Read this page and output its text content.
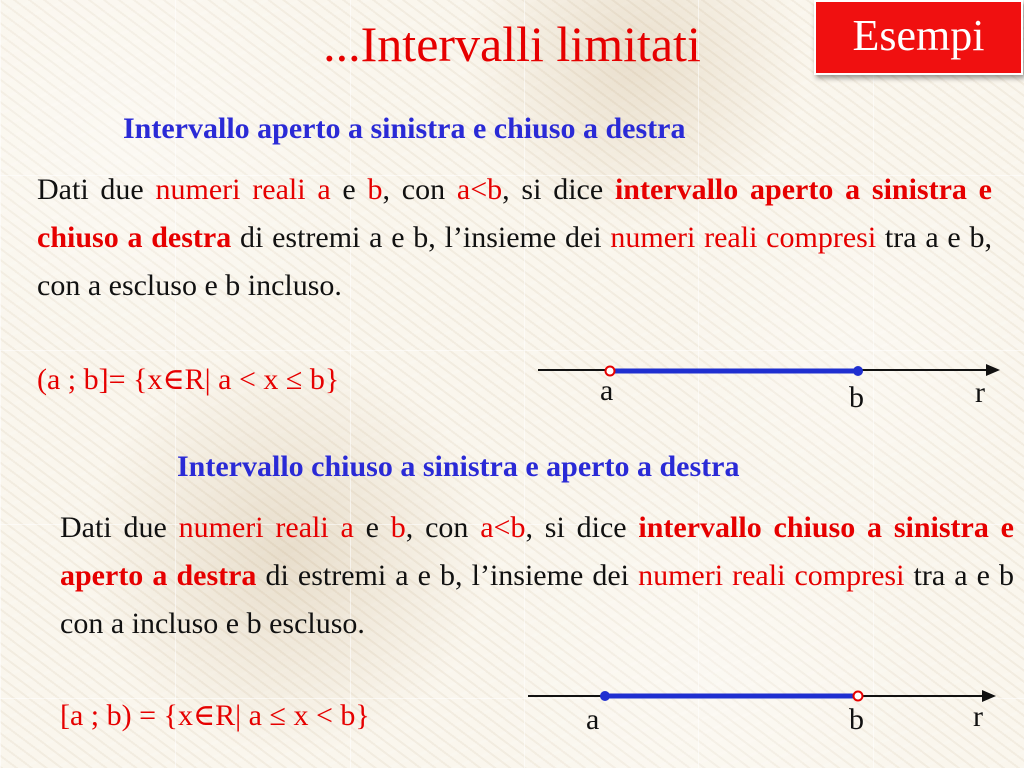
...Intervalli limitati	Esempi
Intervallo aperto a sinistra e chiuso a destra
Dati due numeri reali a e b, con a<b, si dice intervallo aperto a sinistra e chiuso a destra di estremi a e b, l’insieme dei numeri reali compresi tra a e b, con a escluso e b incluso.
(a ; b]= {x∈R| a < x ≤ b}	a	b	r
Intervallo chiuso a sinistra e aperto a destra
Dati due numeri reali a e b, con a<b, si dice intervallo chiuso a sinistra e aperto a destra di estremi a e b, l’insieme dei numeri reali compresi tra a e b con a incluso e b escluso.
[a ; b) = {x∈R| a ≤ x < b}	a	b	r
